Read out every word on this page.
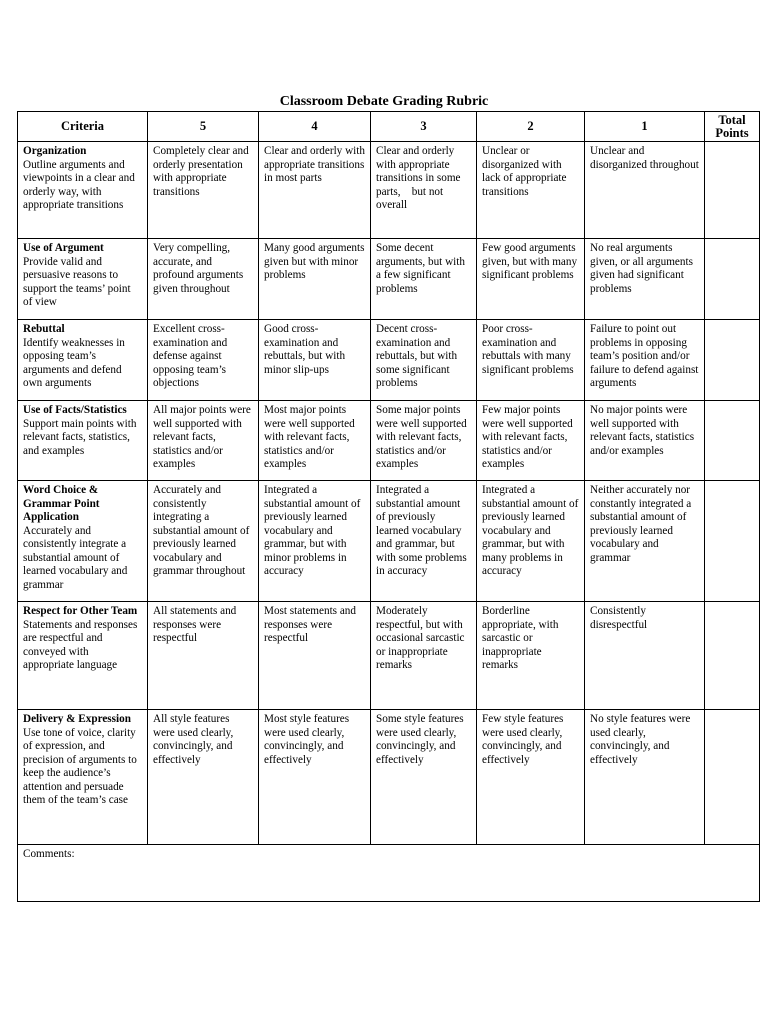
Classroom Debate Grading Rubric
Criteria	5	4	3	2	1	Total Points

Organization
Outline arguments and viewpoints in a clear and orderly way, with appropriate transitions	Completely clear and orderly presentation with appropriate transitions	Clear and orderly with appropriate transitions in most parts	Clear and orderly with appropriate transitions in some parts,    but not overall	Unclear or disorganized with lack of appropriate transitions	Unclear and disorganized throughout	

Use of Argument
Provide valid and persuasive reasons to support the teams’ point of view	Very compelling, accurate, and profound arguments given throughout	Many good arguments given but with minor problems	Some decent arguments, but with a few significant problems	Few good arguments given, but with many significant problems	No real arguments given, or all arguments given had significant problems	

Rebuttal
Identify weaknesses in opposing team’s arguments and defend own arguments	Excellent cross-examination and defense against opposing team’s objections	Good cross-examination and rebuttals, but with minor slip-ups	Decent cross-examination and rebuttals, but with some significant problems	Poor cross-examination and rebuttals with many significant problems	Failure to point out problems in opposing team’s position and/or failure to defend against arguments	

Use of Facts/Statistics
Support main points with relevant facts, statistics, and examples	All major points were well supported with relevant facts, statistics and/or examples	Most major points were well supported with relevant facts, statistics and/or examples	Some major points were well supported with relevant facts, statistics and/or examples	Few major points were well supported with relevant facts, statistics and/or examples	No major points were well supported with relevant facts, statistics and/or examples	

Word Choice & Grammar Point Application
Accurately and consistently integrate a substantial amount of learned vocabulary and grammar	Accurately and consistently integrating a substantial amount of previously learned vocabulary and grammar throughout	Integrated a substantial amount of previously learned vocabulary and grammar, but with minor problems in accuracy	Integrated a substantial amount of previously learned vocabulary and grammar, but with some problems in accuracy	Integrated a substantial amount of previously learned vocabulary and grammar, but with many problems in accuracy	Neither accurately nor constantly integrated a substantial amount of previously learned vocabulary and grammar	

Respect for Other Team
Statements and responses are respectful and conveyed with appropriate language	All statements and responses were respectful	Most statements and responses were respectful	Moderately respectful, but with occasional sarcastic or inappropriate remarks	Borderline appropriate, with sarcastic or inappropriate remarks	Consistently disrespectful	

Delivery & Expression
Use tone of voice, clarity of expression, and precision of arguments to keep the audience’s attention and persuade them of the team’s case	All style features were used clearly, convincingly, and effectively	Most style features were used clearly, convincingly, and effectively	Some style features were used clearly, convincingly, and effectively	Few style features were used clearly, convincingly, and effectively	No style features were used clearly, convincingly, and effectively	
Comments:						
